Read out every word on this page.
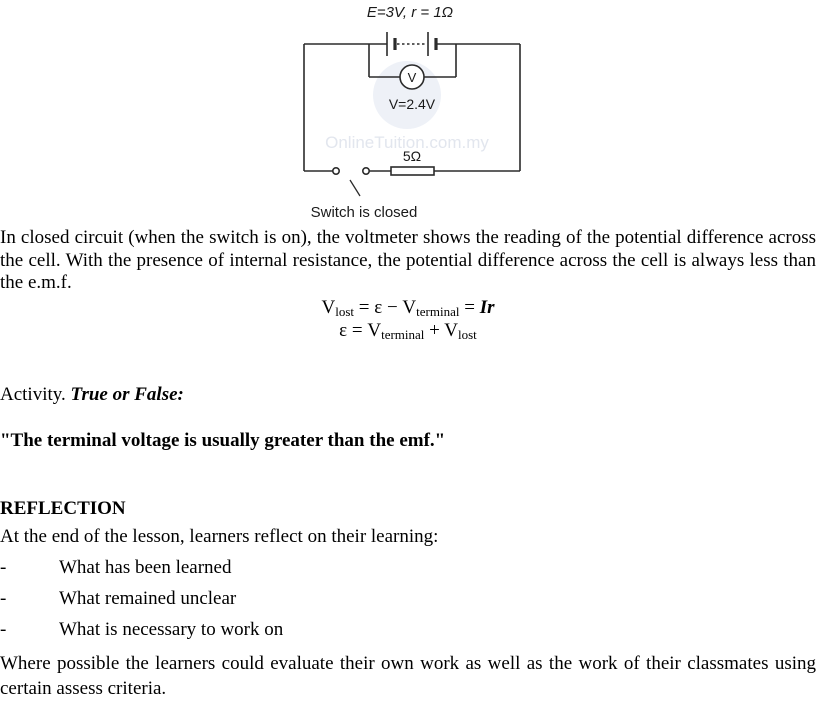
OnlineTuition.com.my
E=3V, r = 1Ω
V
V=2.4V
5Ω
Switch is closed
In closed circuit (when the switch is on), the voltmeter shows the reading of the potential difference across the cell. With the presence of internal resistance, the potential difference across the cell is always less than the e.m.f.
$V_{lost} = \varepsilon - V_{terminal} = Ir$
$\varepsilon = V_{terminal} + V_{lost}$
Activity. True or False:
"The terminal voltage is usually greater than the emf."
REFLECTION
At the end of the lesson, learners reflect on their learning:
-	What has been learned
-	What remained unclear
-	What is necessary to work on
Where possible the learners could evaluate their own work as well as the work of their classmates using certain assess criteria.
